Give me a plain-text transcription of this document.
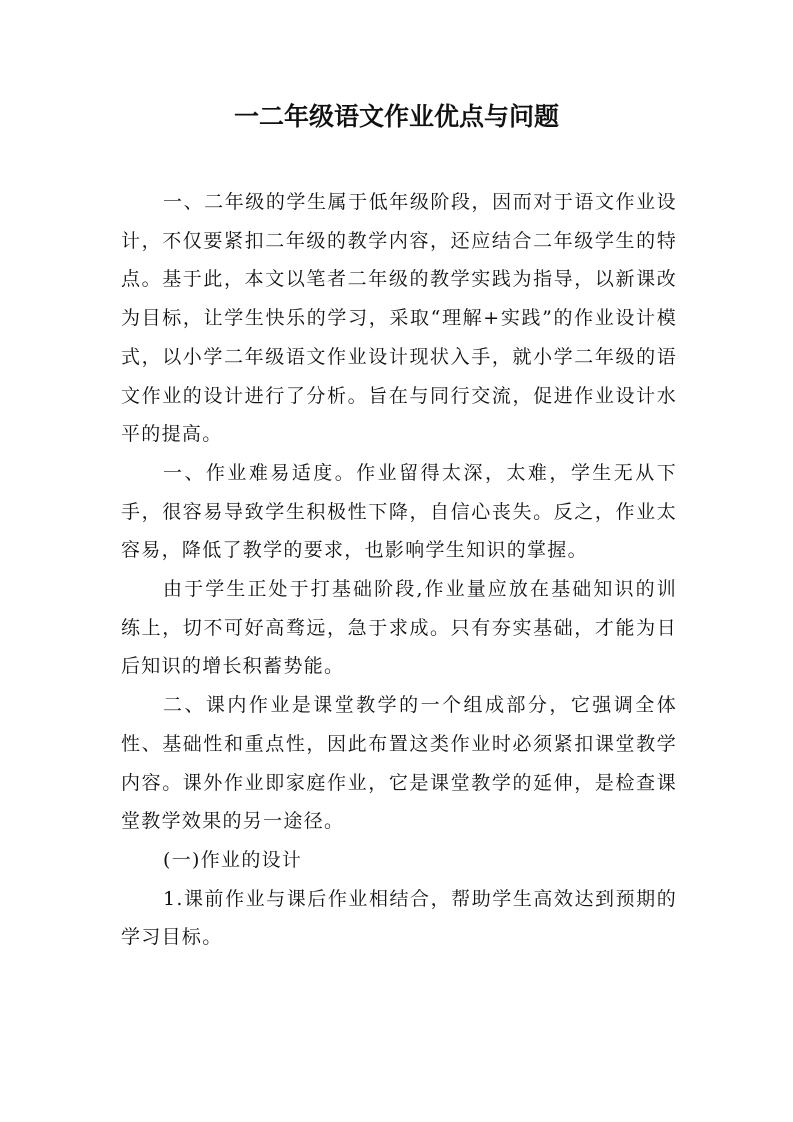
一二年级语文作业优点与问题

一、二年级的学生属于低年级阶段，因而对于语文作业设计，不仅要紧扣二年级的教学内容，还应结合二年级学生的特点。基于此，本文以笔者二年级的教学实践为指导，以新课改为目标，让学生快乐的学习，采取“理解+实践”的作业设计模式，以小学二年级语文作业设计现状入手，就小学二年级的语文作业的设计进行了分析。旨在与同行交流，促进作业设计水平的提高。

一、作业难易适度。作业留得太深，太难，学生无从下手，很容易导致学生积极性下降，自信心丧失。反之，作业太容易，降低了教学的要求，也影响学生知识的掌握。

由于学生正处于打基础阶段,作业量应放在基础知识的训练上，切不可好高骛远，急于求成。只有夯实基础，才能为日后知识的增长积蓄势能。

二、课内作业是课堂教学的一个组成部分，它强调全体性、基础性和重点性，因此布置这类作业时必须紧扣课堂教学内容。课外作业即家庭作业，它是课堂教学的延伸，是检查课堂教学效果的另一途径。

(一)作业的设计

1.课前作业与课后作业相结合，帮助学生高效达到预期的学习目标。
